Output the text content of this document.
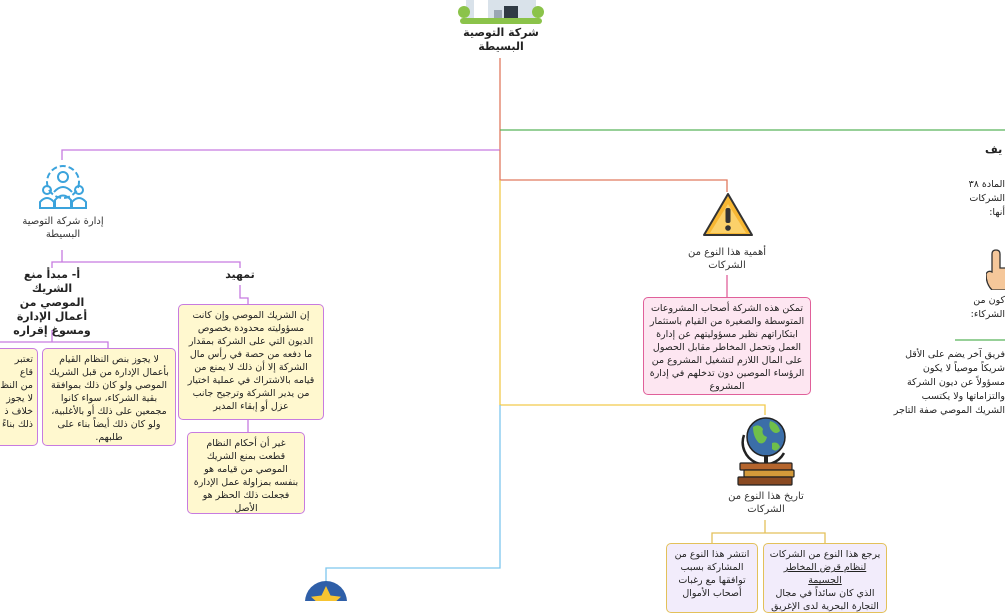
شركة التوصية البسيطة
إدارة شركة التوصية البسيطة
تمهيد
إن الشريك الموصي وإن كانت مسؤوليته محدودة بخصوص الديون التي على الشركة بمقدار ما دفعه من حصة في رأس مال الشركة إلا أن ذلك لا يمنع من قيامه بالاشتراك في عملية اختيار من يدير الشركة وترجيح جانب عزل أو إبقاء المدير
غير أن أحكام النظام قطعت بمنع الشريك الموصي من قيامه هو بنفسه بمزاولة عمل الإدارة فجعلت ذلك الحظر هو الأصل
أ- مبدأ منع الشريك الموصي من أعمال الإدارة ومسوغ إقراره
لا يجوز بنص النظام القيام بأعمال الإدارة من قبل الشريك الموصي ولو كان ذلك بموافقة بقية الشركاء، سواء كانوا مجمعين على ذلك أو بالأغلبية، ولو كان ذلك أيضاً بناء على طلبهم.
تعتبر قاع
من النظ
لا يجوز
خلاف ذ
ذلك بناءً
أهمية هذا النوع من الشركات
تمكن هذه الشركة أصحاب المشروعات المتوسطة والصغيرة من القيام باستثمار ابتكاراتهم نظير مسؤوليتهم عن إدارة العمل وتحمل المخاطر مقابل الحصول على المال اللازم لتشغيل المشروع من الرؤساء الموصين دون تدخلهم في إدارة المشروع
تاريخ هذا النوع من الشركات
يرجع هذا النوع من الشركات
لنظام قرض المخاطر الجسيمة
الذي كان سائداً في مجال
التجارة البحرية لدى الإغريق
انتشر هذا النوع من
المشاركة بسبب
توافقها مع رغبات
أصحاب الأموال
يف
المادة ٣٨
الشركات
أنها:
كون من
الشركاء:
فريق آخر يضم على الأقل
شريكاً موصياً لا يكون
مسؤولاً عن ديون الشركة
والتزاماتها ولا يكتسب
الشريك الموصي صفة التاجر
